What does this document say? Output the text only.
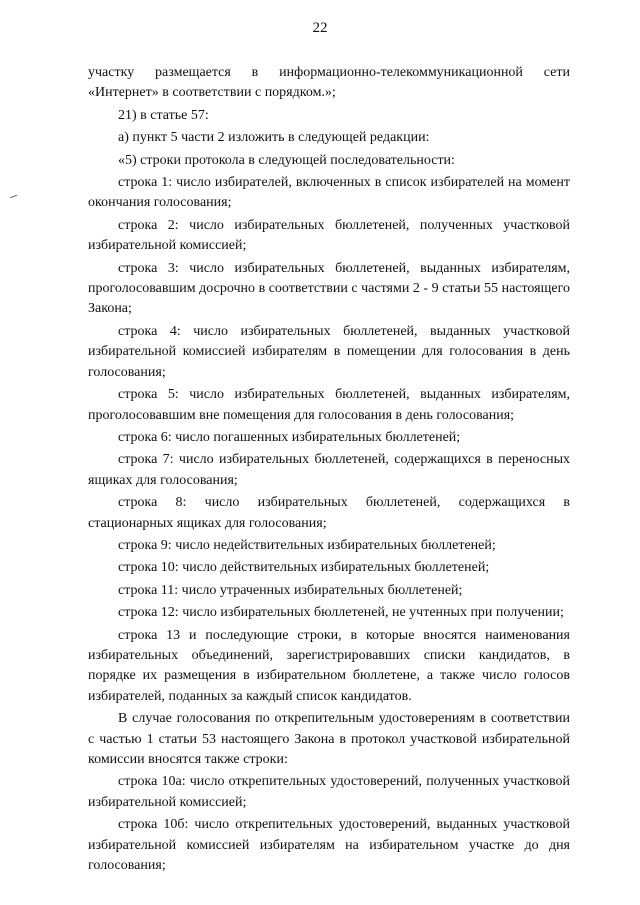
22

участку размещается в информационно-телекоммуникационной сети «Интернет» в соответствии с порядком.»;

21) в статье 57:

а) пункт 5 части 2 изложить в следующей редакции:

«5) строки протокола в следующей последовательности:

строка 1: число избирателей, включенных в список избирателей на момент окончания голосования;

строка 2: число избирательных бюллетеней, полученных участковой избирательной комиссией;

строка 3: число избирательных бюллетеней, выданных избирателям, проголосовавшим досрочно в соответствии с частями 2 - 9 статьи 55 настоящего Закона;

строка 4: число избирательных бюллетеней, выданных участковой избирательной комиссией избирателям в помещении для голосования в день голосования;

строка 5: число избирательных бюллетеней, выданных избирателям, проголосовавшим вне помещения для голосования в день голосования;

строка 6: число погашенных избирательных бюллетеней;

строка 7: число избирательных бюллетеней, содержащихся в переносных ящиках для голосования;

строка 8: число избирательных бюллетеней, содержащихся в стационарных ящиках для голосования;

строка 9: число недействительных избирательных бюллетеней;

строка 10: число действительных избирательных бюллетеней;

строка 11: число утраченных избирательных бюллетеней;

строка 12: число избирательных бюллетеней, не учтенных при получении;

строка 13 и последующие строки, в которые вносятся наименования избирательных объединений, зарегистрировавших списки кандидатов, в порядке их размещения в избирательном бюллетене, а также число голосов избирателей, поданных за каждый список кандидатов.

В случае голосования по открепительным удостоверениям в соответствии с частью 1 статьи 53 настоящего Закона в протокол участковой избирательной комиссии вносятся также строки:

строка 10а: число открепительных удостоверений, полученных участковой избирательной комиссией;

строка 10б: число открепительных удостоверений, выданных участковой избирательной комиссией избирателям на избирательном участке до дня голосования;
